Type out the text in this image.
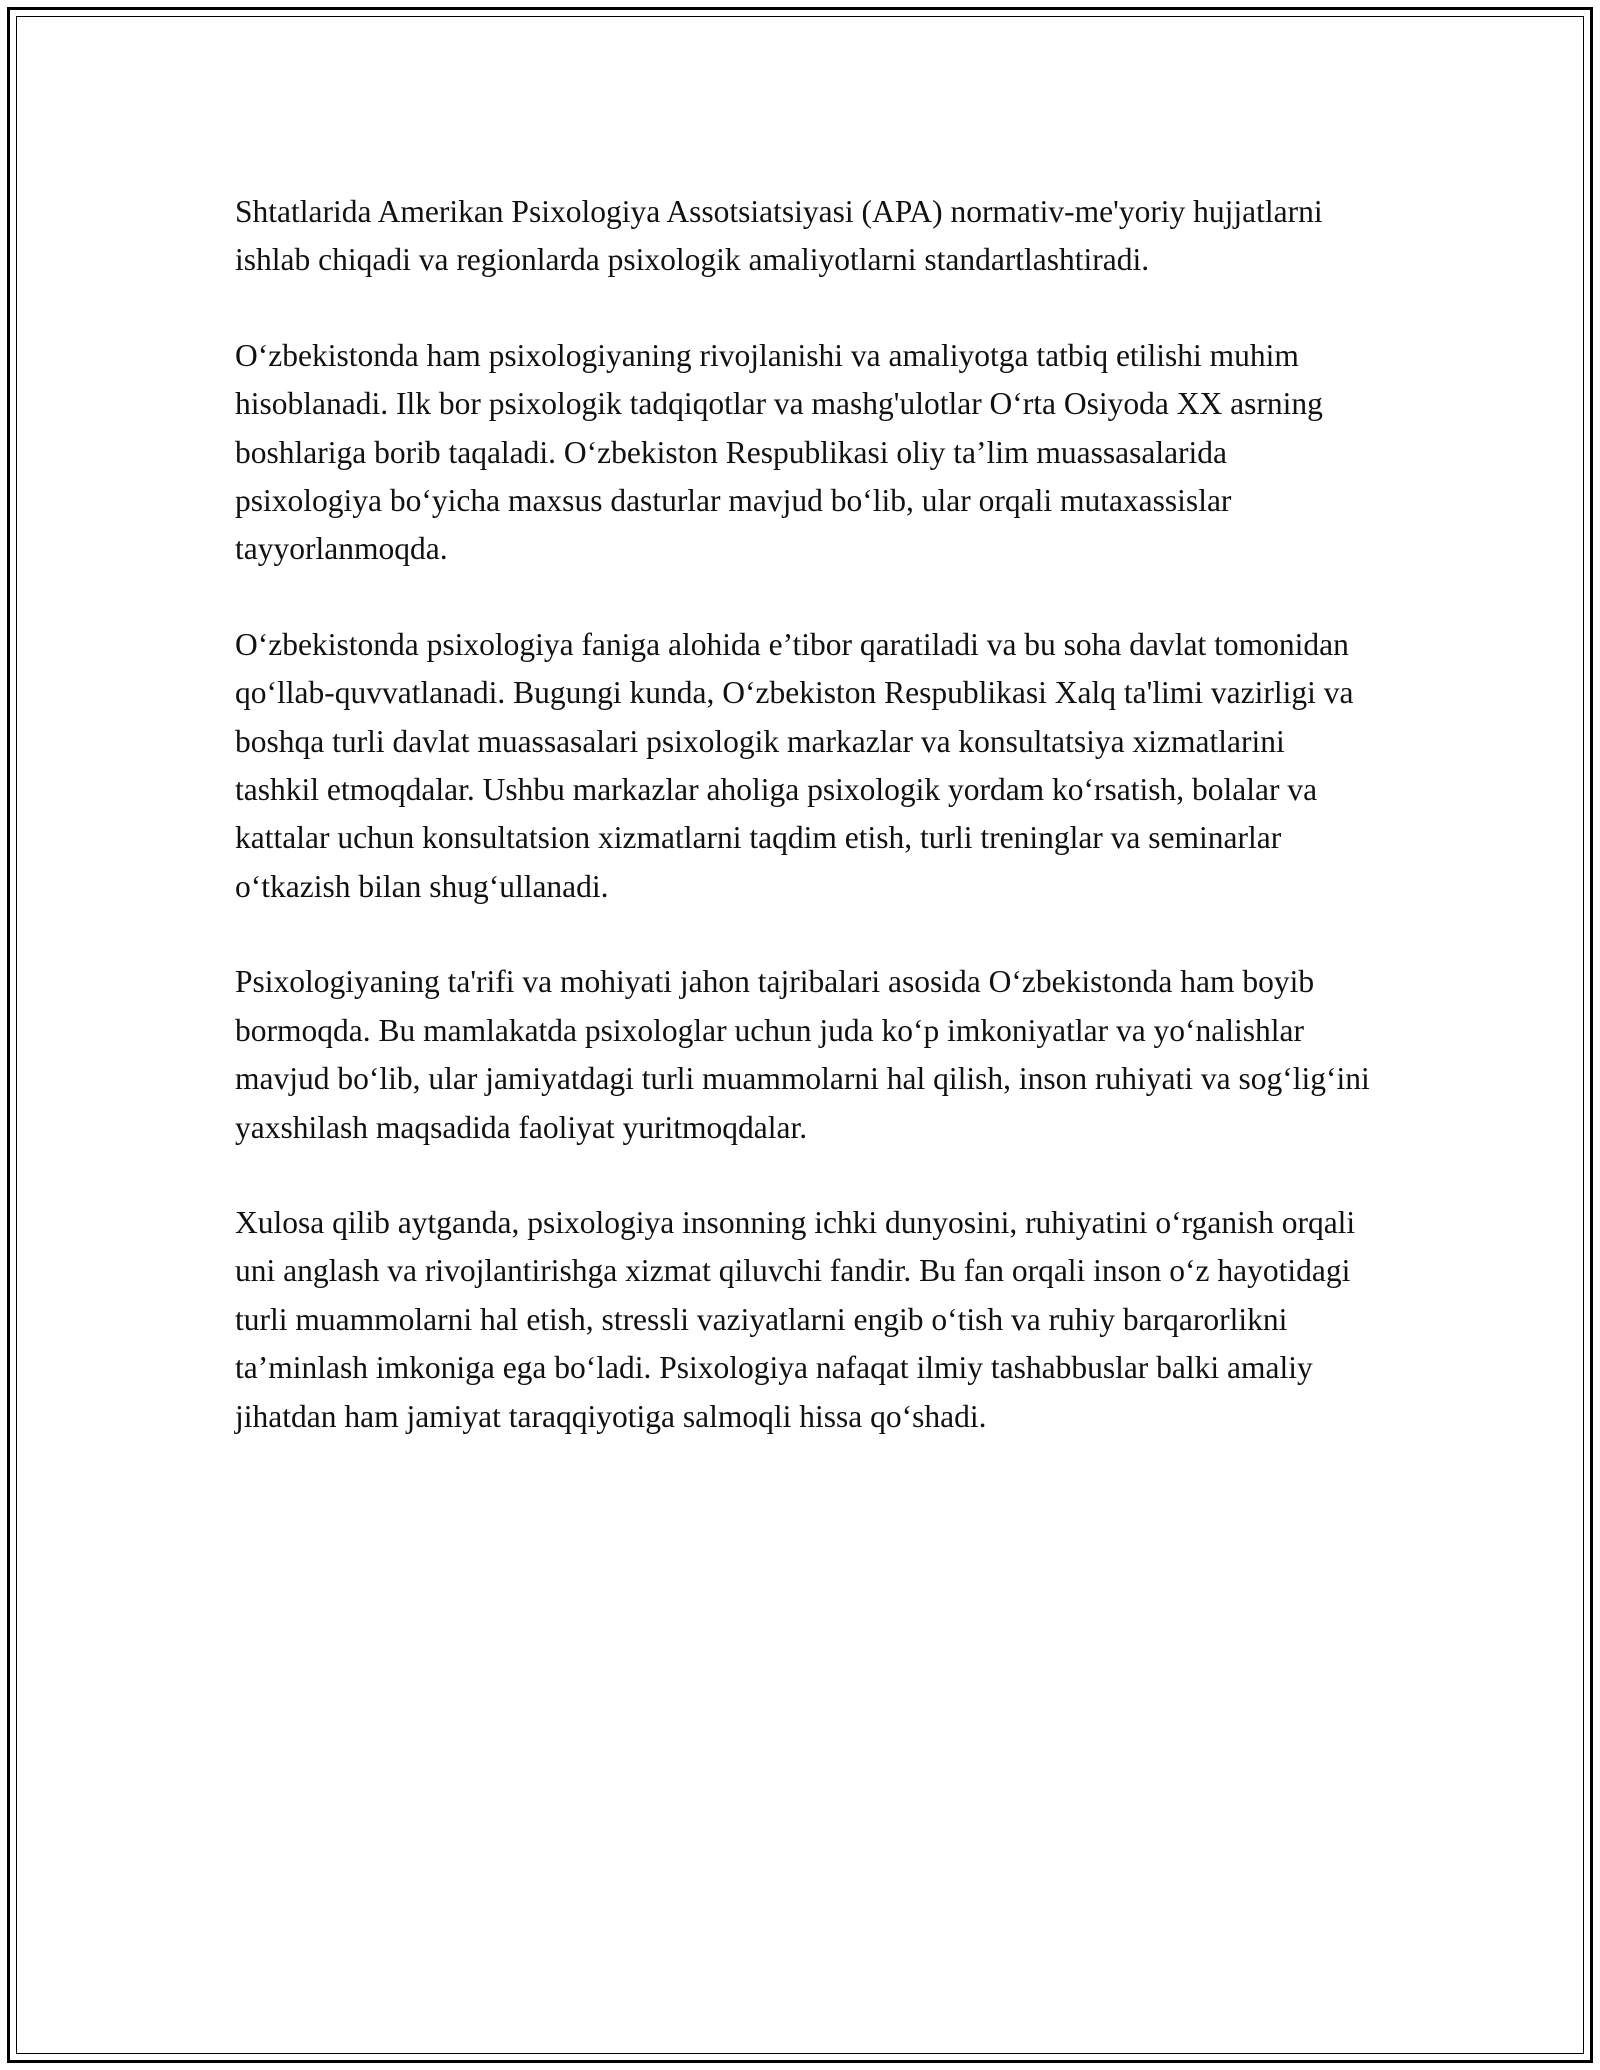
Shtatlarida Amerikan Psixologiya Assotsiatsiyasi (APA) normativ-me'yoriy hujjatlarni ishlab chiqadi va regionlarda psixologik amaliyotlarni standartlashtiradi.

O‘zbekistonda ham psixologiyaning rivojlanishi va amaliyotga tatbiq etilishi muhim hisoblanadi. Ilk bor psixologik tadqiqotlar va mashg'ulotlar O‘rta Osiyoda XX asrning boshlariga borib taqaladi. O‘zbekiston Respublikasi oliy ta’lim muassasalarida psixologiya bo‘yicha maxsus dasturlar mavjud bo‘lib, ular orqali mutaxassislar tayyorlanmoqda.

O‘zbekistonda psixologiya faniga alohida e’tibor qaratiladi va bu soha davlat tomonidan qo‘llab-quvvatlanadi. Bugungi kunda, O‘zbekiston Respublikasi Xalq ta'limi vazirligi va boshqa turli davlat muassasalari psixologik markazlar va konsultatsiya xizmatlarini tashkil etmoqdalar. Ushbu markazlar aholiga psixologik yordam ko‘rsatish, bolalar va kattalar uchun konsultatsion xizmatlarni taqdim etish, turli treninglar va seminarlar o‘tkazish bilan shug‘ullanadi.

Psixologiyaning ta'rifi va mohiyati jahon tajribalari asosida O‘zbekistonda ham boyib bormoqda. Bu mamlakatda psixologlar uchun juda ko‘p imkoniyatlar va yo‘nalishlar mavjud bo‘lib, ular jamiyatdagi turli muammolarni hal qilish, inson ruhiyati va sog‘lig‘ini yaxshilash maqsadida faoliyat yuritmoqdalar.

Xulosa qilib aytganda, psixologiya insonning ichki dunyosini, ruhiyatini o‘rganish orqali uni anglash va rivojlantirishga xizmat qiluvchi fandir. Bu fan orqali inson o‘z hayotidagi turli muammolarni hal etish, stressli vaziyatlarni engib o‘tish va ruhiy barqarorlikni ta’minlash imkoniga ega bo‘ladi. Psixologiya nafaqat ilmiy tashabbuslar balki amaliy jihatdan ham jamiyat taraqqiyotiga salmoqli hissa qo‘shadi.
